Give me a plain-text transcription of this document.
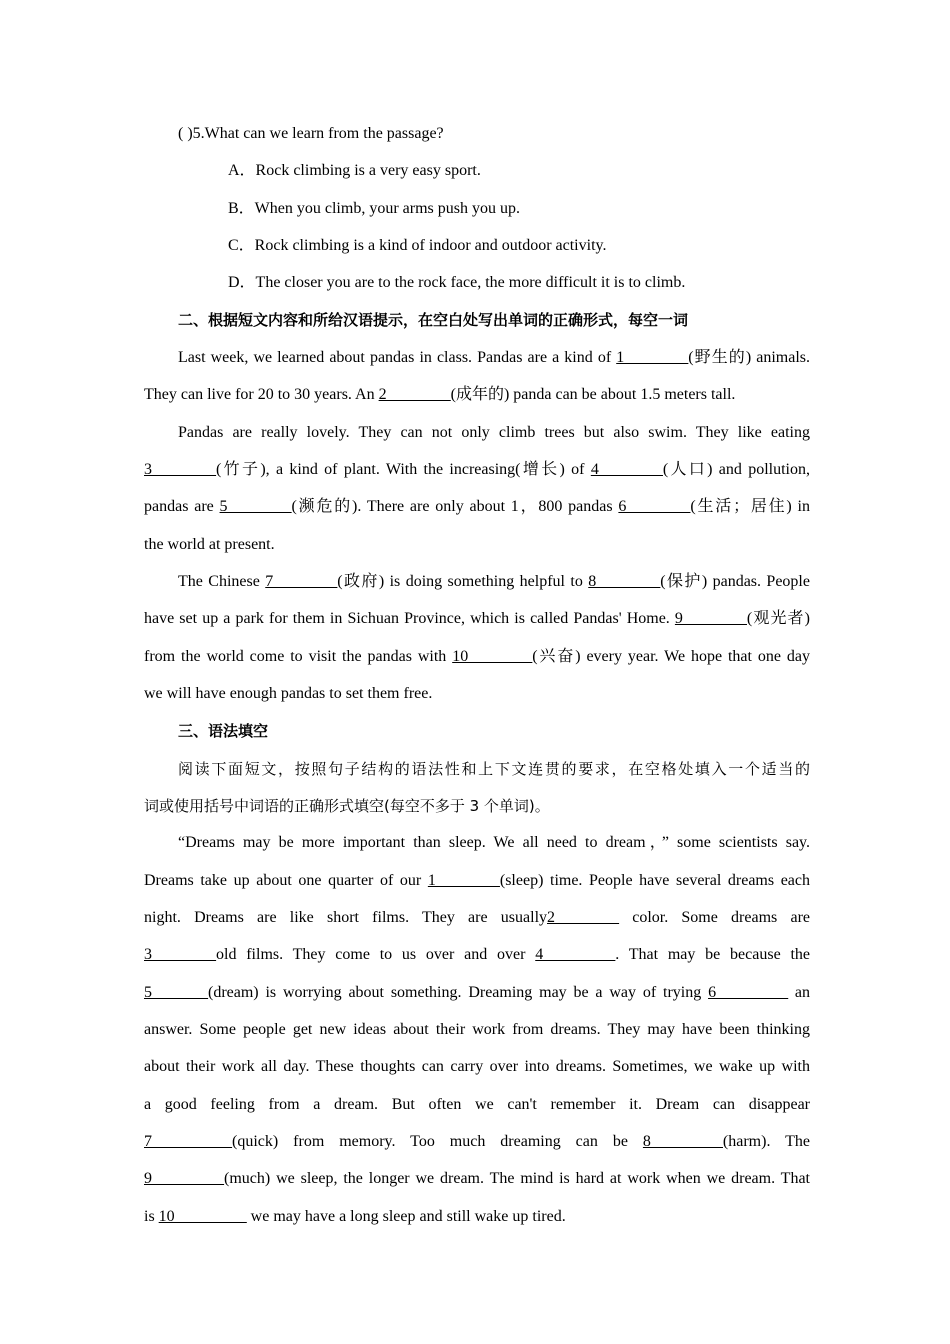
( )5.What can we learn from the passage?
A．Rock climbing is a very easy sport.
B．When you climb, your arms push you up.
C．Rock climbing is a kind of indoor and outdoor activity.
D．The closer you are to the rock face, the more difficult it is to climb.
二、根据短文内容和所给汉语提示，在空白处写出单词的正确形式，每空一词
Last week, we learned about pandas in class. Pandas are a kind of 1________(野生的) animals.
They can live for 20 to 30 years. An 2________(成年的) panda can be about 1.5 meters tall.
Pandas are really lovely. They can not only climb trees but also swim. They like eating
3________(竹子), a kind of plant. With the increasing(增长) of 4________(人口) and pollution,
pandas are 5________(濒危的). There are only about 1，800 pandas 6________(生活；居住) in
the world at present.
The Chinese 7________(政府) is doing something helpful to 8________(保护) pandas. People
have set up a park for them in Sichuan Province, which is called Pandas' Home. 9________(观光者)
from the world come to visit the pandas with 10________(兴奋) every year. We hope that one day
we will have enough pandas to set them free.
三、语法填空
阅读下面短文，按照句子结构的语法性和上下文连贯的要求，在空格处填入一个适当的
词或使用括号中词语的正确形式填空(每空不多于 3 个单词)。
“Dreams may be more important than sleep. We all need to dream，” some scientists say.
Dreams take up about one quarter of our 1________(sleep) time. People have several dreams each
night. Dreams are like short films. They are usually2________ color. Some dreams are
3________old films. They come to us over and over 4_________. That may be because the
5_______(dream) is worrying about something. Dreaming may be a way of trying 6_________ an
answer. Some people get new ideas about their work from dreams. They may have been thinking
about their work all day. These thoughts can carry over into dreams. Sometimes, we wake up with
a good feeling from a dream. But often we can't remember it. Dream can disappear
7__________(quick) from memory. Too much dreaming can be 8_________(harm). The
9_________(much) we sleep, the longer we dream. The mind is hard at work when we dream. That
is 10_________ we may have a long sleep and still wake up tired.
